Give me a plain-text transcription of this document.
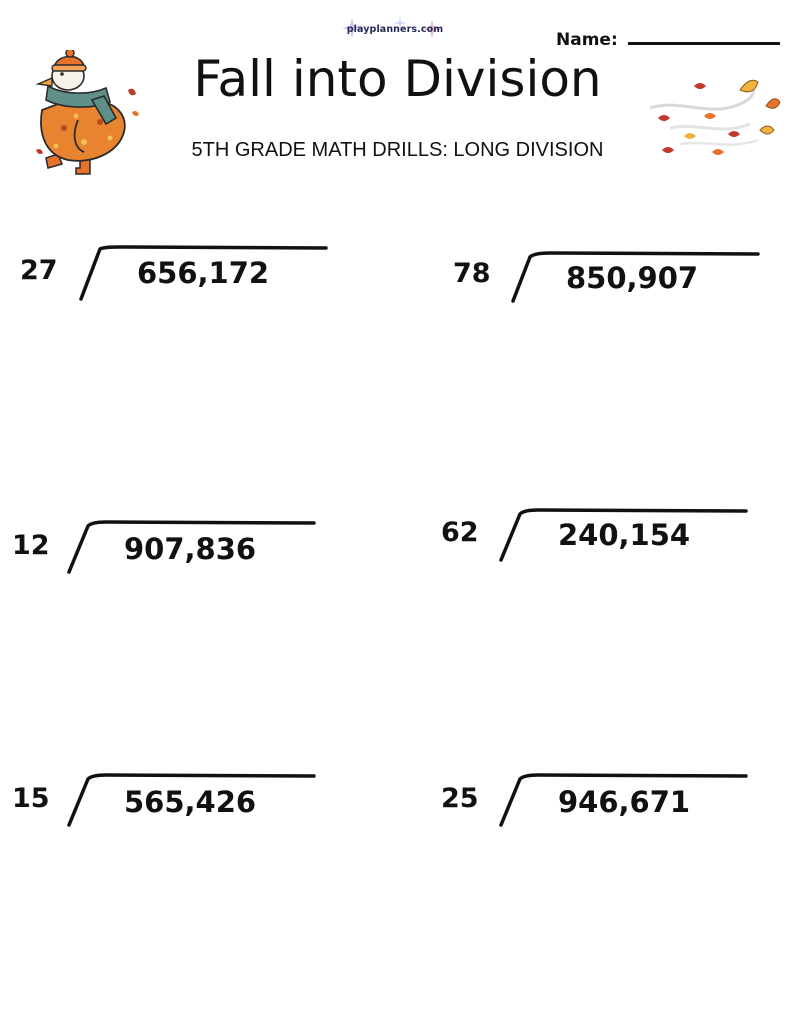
playplanners.com
Name:
Fall into Division
5TH GRADE MATH DRILLS: LONG DIVISION
27	656,172	78	850,907
12	907,836	62	240,154
15	565,426	25	946,671
